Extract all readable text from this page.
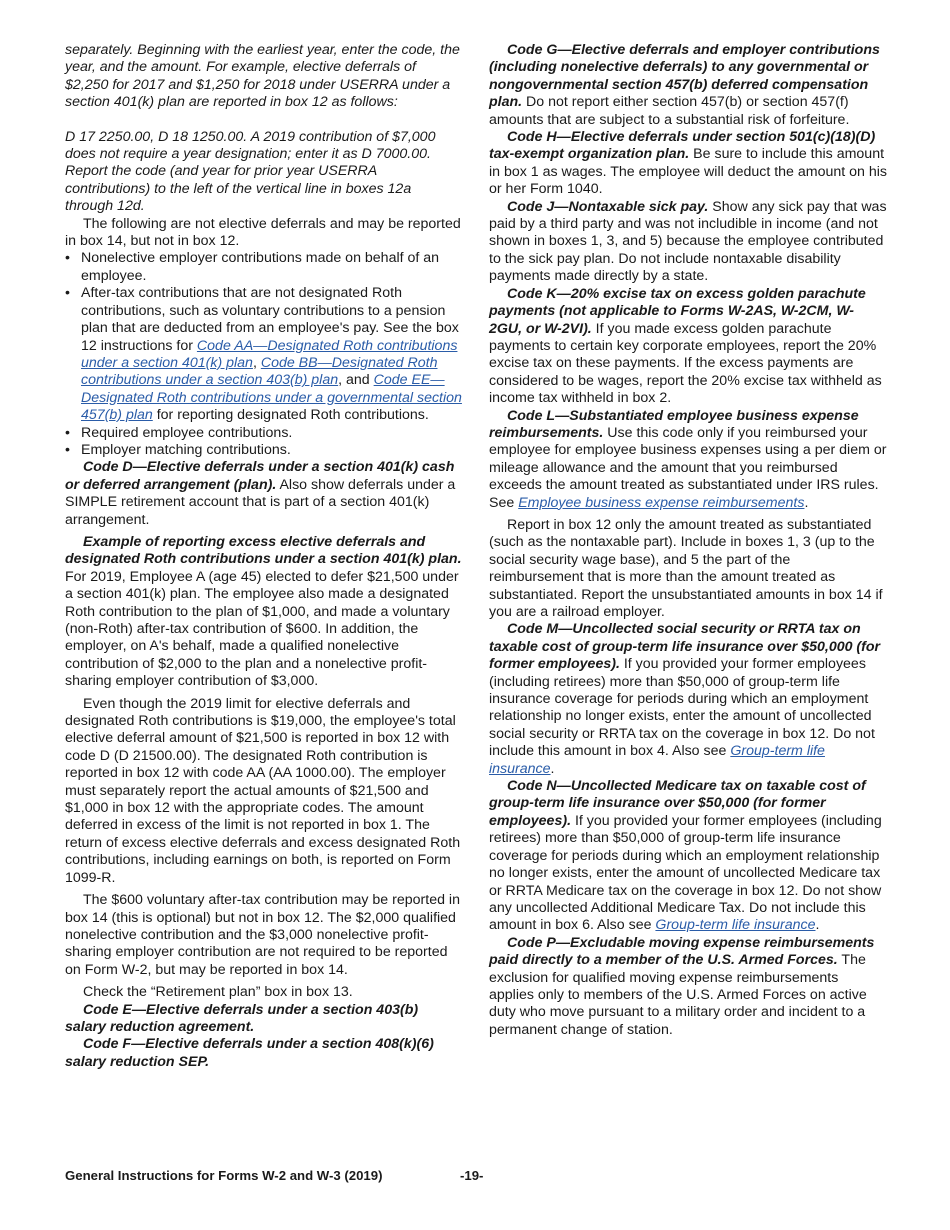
separately. Beginning with the earliest year, enter the code, the year, and the amount. For example, elective deferrals of $2,250 for 2017 and $1,250 for 2018 under USERRA under a section 401(k) plan are reported in box 12 as follows:

D 17 2250.00, D 18 1250.00. A 2019 contribution of $7,000 does not require a year designation; enter it as D 7000.00. Report the code (and year for prior year USERRA contributions) to the left of the vertical line in boxes 12a through 12d.

The following are not elective deferrals and may be reported in box 14, but not in box 12.

• Nonelective employer contributions made on behalf of an employee.
• After-tax contributions that are not designated Roth contributions, such as voluntary contributions to a pension plan that are deducted from an employee's pay. See the box 12 instructions for Code AA—Designated Roth contributions under a section 401(k) plan, Code BB—Designated Roth contributions under a section 403(b) plan, and Code EE—Designated Roth contributions under a governmental section 457(b) plan for reporting designated Roth contributions.
• Required employee contributions.
• Employer matching contributions.

Code D—Elective deferrals under a section 401(k) cash or deferred arrangement (plan). Also show deferrals under a SIMPLE retirement account that is part of a section 401(k) arrangement.

Example of reporting excess elective deferrals and designated Roth contributions under a section 401(k) plan. For 2019, Employee A (age 45) elected to defer $21,500 under a section 401(k) plan. The employee also made a designated Roth contribution to the plan of $1,000, and made a voluntary (non-Roth) after-tax contribution of $600. In addition, the employer, on A's behalf, made a qualified nonelective contribution of $2,000 to the plan and a nonelective profit-sharing employer contribution of $3,000.

Even though the 2019 limit for elective deferrals and designated Roth contributions is $19,000, the employee's total elective deferral amount of $21,500 is reported in box 12 with code D (D 21500.00). The designated Roth contribution is reported in box 12 with code AA (AA 1000.00). The employer must separately report the actual amounts of $21,500 and $1,000 in box 12 with the appropriate codes. The amount deferred in excess of the limit is not reported in box 1. The return of excess elective deferrals and excess designated Roth contributions, including earnings on both, is reported on Form 1099-R.

The $600 voluntary after-tax contribution may be reported in box 14 (this is optional) but not in box 12. The $2,000 qualified nonelective contribution and the $3,000 nonelective profit-sharing employer contribution are not required to be reported on Form W-2, but may be reported in box 14.

Check the “Retirement plan” box in box 13.

Code E—Elective deferrals under a section 403(b) salary reduction agreement.

Code F—Elective deferrals under a section 408(k)(6) salary reduction SEP.

Code G—Elective deferrals and employer contributions (including nonelective deferrals) to any governmental or nongovernmental section 457(b) deferred compensation plan. Do not report either section 457(b) or section 457(f) amounts that are subject to a substantial risk of forfeiture.

Code H—Elective deferrals under section 501(c)(18)(D) tax-exempt organization plan. Be sure to include this amount in box 1 as wages. The employee will deduct the amount on his or her Form 1040.

Code J—Nontaxable sick pay. Show any sick pay that was paid by a third party and was not includible in income (and not shown in boxes 1, 3, and 5) because the employee contributed to the sick pay plan. Do not include nontaxable disability payments made directly by a state.

Code K—20% excise tax on excess golden parachute payments (not applicable to Forms W-2AS, W-2CM, W-2GU, or W-2VI). If you made excess golden parachute payments to certain key corporate employees, report the 20% excise tax on these payments. If the excess payments are considered to be wages, report the 20% excise tax withheld as income tax withheld in box 2.

Code L—Substantiated employee business expense reimbursements. Use this code only if you reimbursed your employee for employee business expenses using a per diem or mileage allowance and the amount that you reimbursed exceeds the amount treated as substantiated under IRS rules. See Employee business expense reimbursements.

Report in box 12 only the amount treated as substantiated (such as the nontaxable part). Include in boxes 1, 3 (up to the social security wage base), and 5 the part of the reimbursement that is more than the amount treated as substantiated. Report the unsubstantiated amounts in box 14 if you are a railroad employer.

Code M—Uncollected social security or RRTA tax on taxable cost of group-term life insurance over $50,000 (for former employees). If you provided your former employees (including retirees) more than $50,000 of group-term life insurance coverage for periods during which an employment relationship no longer exists, enter the amount of uncollected social security or RRTA tax on the coverage in box 12. Do not include this amount in box 4. Also see Group-term life insurance.

Code N—Uncollected Medicare tax on taxable cost of group-term life insurance over $50,000 (for former employees). If you provided your former employees (including retirees) more than $50,000 of group-term life insurance coverage for periods during which an employment relationship no longer exists, enter the amount of uncollected Medicare tax or RRTA Medicare tax on the coverage in box 12. Do not show any uncollected Additional Medicare Tax. Do not include this amount in box 6. Also see Group-term life insurance.

Code P—Excludable moving expense reimbursements paid directly to a member of the U.S. Armed Forces. The exclusion for qualified moving expense reimbursements applies only to members of the U.S. Armed Forces on active duty who move pursuant to a military order and incident to a permanent change of station.

General Instructions for Forms W-2 and W-3 (2019)	-19-
